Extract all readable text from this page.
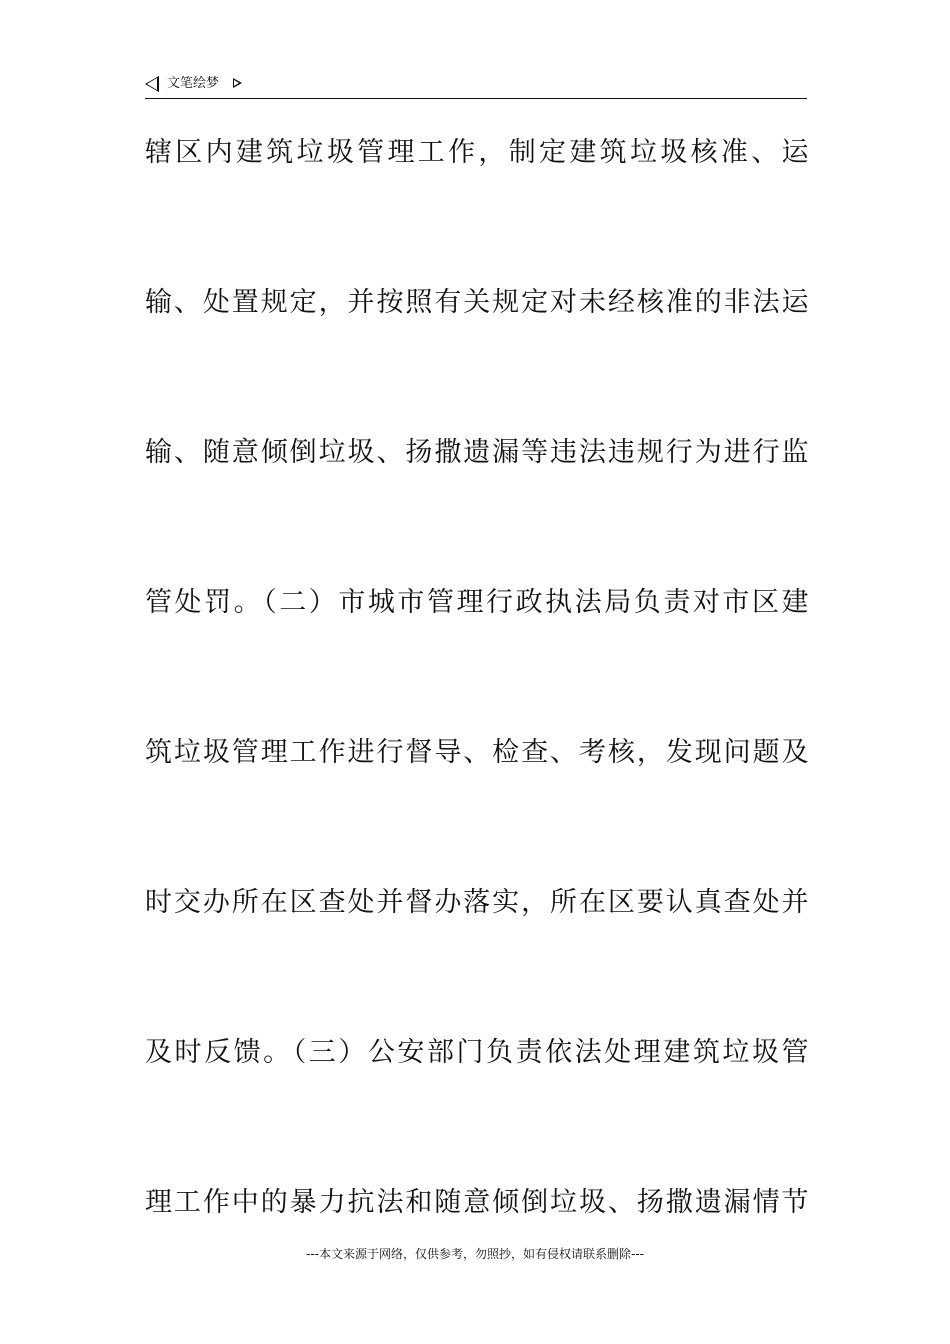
文笔绘梦
辖区内建筑垃圾管理工作，制定建筑垃圾核准、运
输、处置规定，并按照有关规定对未经核准的非法运
输、随意倾倒垃圾、扬撒遗漏等违法违规行为进行监
管处罚。（二）市城市管理行政执法局负责对市区建
筑垃圾管理工作进行督导、检查、考核，发现问题及
时交办所在区查处并督办落实，所在区要认真查处并
及时反馈。（三）公安部门负责依法处理建筑垃圾管
理工作中的暴力抗法和随意倾倒垃圾、扬撒遗漏情节
---本文来源于网络，仅供参考，勿照抄，如有侵权请联系删除---
